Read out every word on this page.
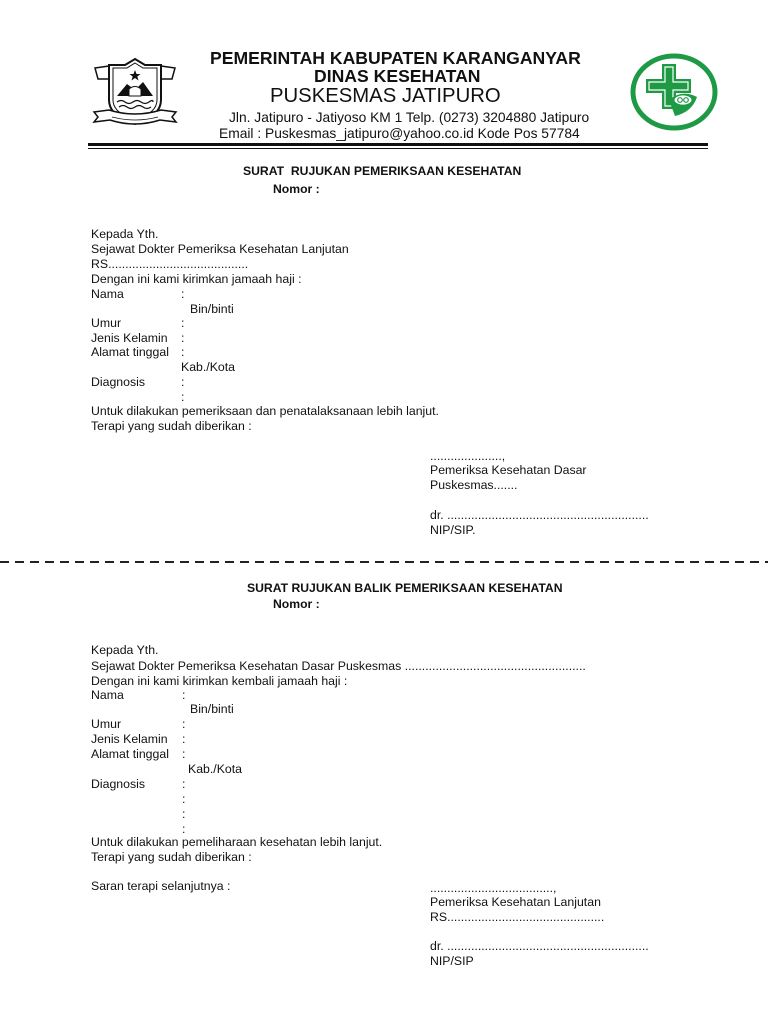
PEMERINTAH KABUPATEN KARANGANYAR
DINAS KESEHATAN
PUSKESMAS JATIPURO
Jln. Jatipuro - Jatiyoso KM 1 Telp. (0273) 3204880 Jatipuro
Email : Puskesmas_jatipuro@yahoo.co.id Kode Pos 57784
SURAT  RUJUKAN PEMERIKSAAN KESEHATAN
Nomor :
Kepada Yth.
Sejawat Dokter Pemeriksa Kesehatan Lanjutan
RS.........................................
Dengan ini kami kirimkan jamaah haji :
Nama	:
Bin/binti
Umur	:
Jenis Kelamin :
Alamat tinggal :
Kab./Kota
Diagnosis	:
:
Untuk dilakukan pemeriksaan dan penatalaksanaan lebih lanjut.
Terapi yang sudah diberikan :
.....................,
Pemeriksa Kesehatan Dasar
Puskesmas.......
dr. ...........................................................
NIP/SIP.
SURAT RUJUKAN BALIK PEMERIKSAAN KESEHATAN
Nomor :
Kepada Yth.
Sejawat Dokter Pemeriksa Kesehatan Dasar Puskesmas .....................................................
Dengan ini kami kirimkan kembali jamaah haji :
Nama	:
Bin/binti
Umur	:
Jenis Kelamin :
Alamat tinggal :
Kab./Kota
Diagnosis	:
:
:
:
Untuk dilakukan pemeliharaan kesehatan lebih lanjut.
Terapi yang sudah diberikan :
Saran terapi selanjutnya :	....................................,
Pemeriksa Kesehatan Lanjutan
RS..............................................
dr. ...........................................................
NIP/SIP
